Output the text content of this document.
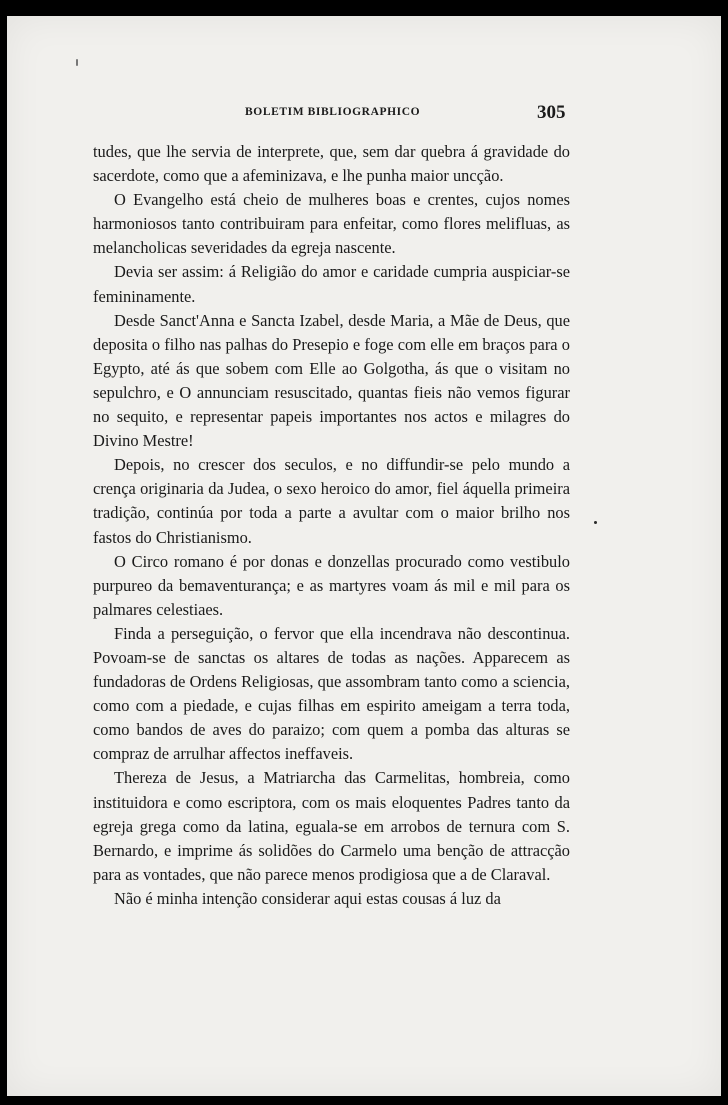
BOLETIM BIBLIOGRAPHICO	305

tudes, que lhe servia de interprete, que, sem dar quebra á gravidade do sacerdote, como que a afeminizava, e lhe punha maior uncção.

O Evangelho está cheio de mulheres boas e crentes, cujos nomes harmoniosos tanto contribuiram para enfeitar, como flores melifluas, as melancholicas severidades da egreja nascente.

Devia ser assim: á Religião do amor e caridade cumpria auspiciar-se femininamente.

Desde Sanct'Anna e Sancta Izabel, desde Maria, a Mãe de Deus, que deposita o filho nas palhas do Presepio e foge com elle em braços para o Egypto, até ás que sobem com Elle ao Golgotha, ás que o visitam no sepulchro, e O annunciam resuscitado, quantas fieis não vemos figurar no sequito, e representar papeis importantes nos actos e milagres do Divino Mestre!

Depois, no crescer dos seculos, e no diffundir-se pelo mundo a crença originaria da Judea, o sexo heroico do amor, fiel áquella primeira tradição, continúa por toda a parte a avultar com o maior brilho nos fastos do Christianismo.

O Circo romano é por donas e donzellas procurado como vestibulo purpureo da bemaventurança; e as martyres voam ás mil e mil para os palmares celestiaes.

Finda a perseguição, o fervor que ella incendrava não descontinua. Povoam-se de sanctas os altares de todas as nações. Apparecem as fundadoras de Ordens Religiosas, que assombram tanto como a sciencia, como com a piedade, e cujas filhas em espirito ameigam a terra toda, como bandos de aves do paraizo; com quem a pomba das alturas se compraz de arrulhar affectos ineffaveis.

Thereza de Jesus, a Matriarcha das Carmelitas, hombreia, como instituidora e como escriptora, com os mais eloquentes Padres tanto da egreja grega como da latina, eguala-se em arrobos de ternura com S. Bernardo, e imprime ás solidões do Carmelo uma benção de attracção para as vontades, que não parece menos prodigiosa que a de Claraval.

Não é minha intenção considerar aqui estas cousas á luz da
